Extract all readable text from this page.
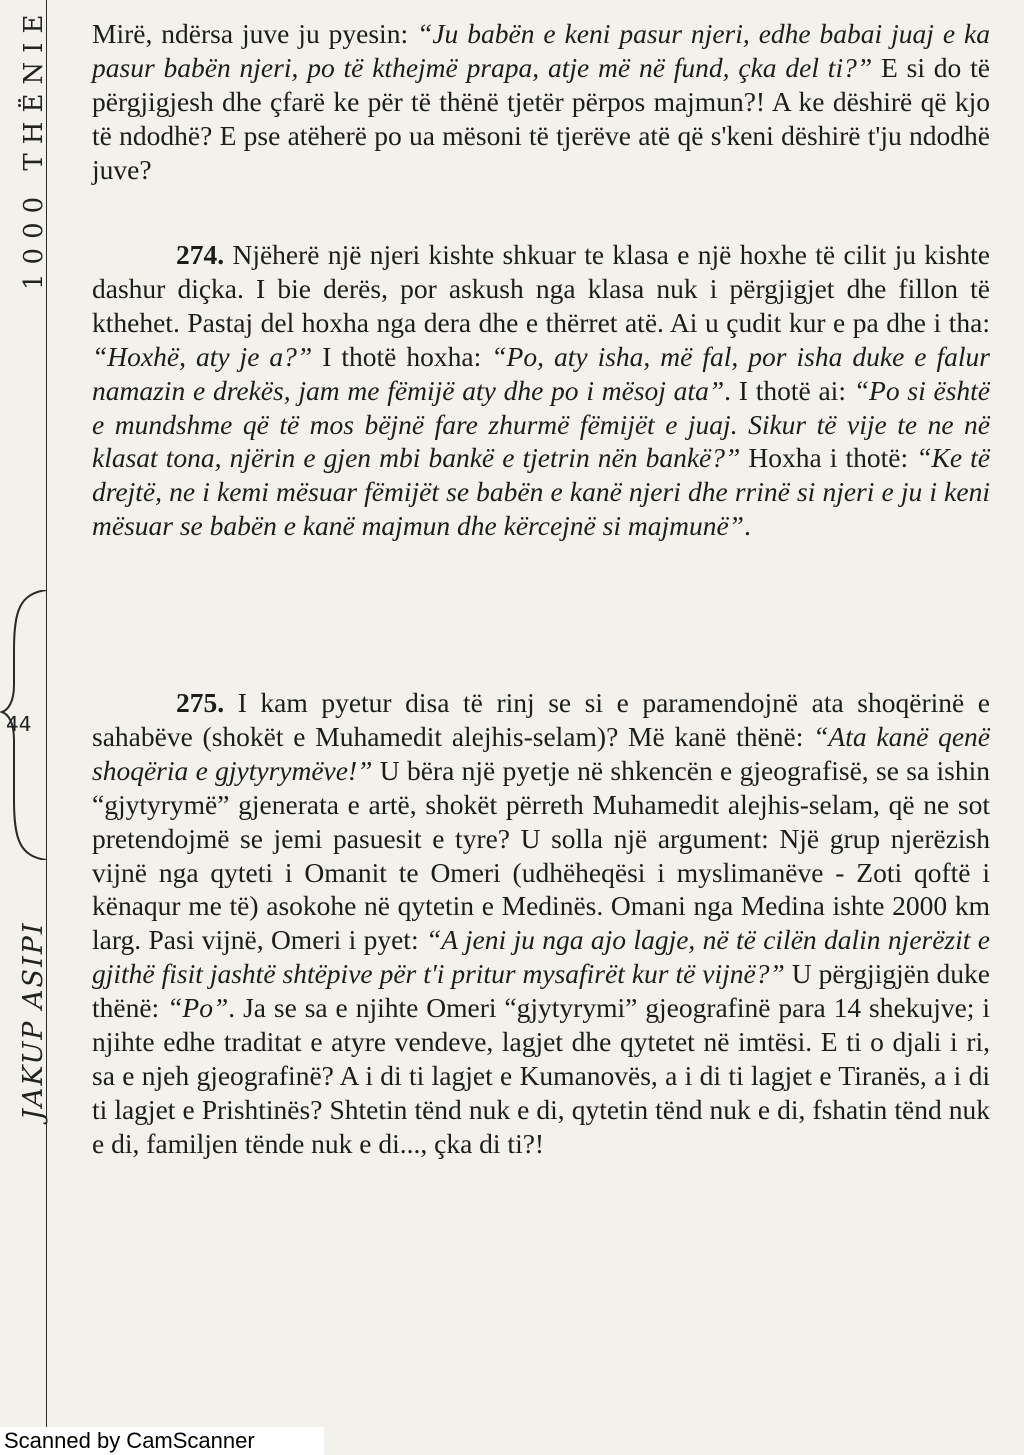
1000 THËNIE
44
JAKUP ASIPI

Mirë, ndërsa juve ju pyesin: “Ju babën e keni pasur njeri, edhe babai juaj e ka pasur babën njeri, po të kthejmë prapa, atje më në fund, çka del ti?” E si do të përgjigjesh dhe çfarë ke për të thënë tjetër përpos majmun?! A ke dëshirë që kjo të ndodhë? E pse atëherë po ua mësoni të tjerëve atë që s'keni dëshirë t'ju ndodhë juve?

274. Njëherë një njeri kishte shkuar te klasa e një hoxhe të cilit ju kishte dashur diçka. I bie derës, por askush nga klasa nuk i përgjigjet dhe fillon të kthehet. Pastaj del hoxha nga dera dhe e thërret atë. Ai u çudit kur e pa dhe i tha: “Hoxhë, aty je a?” I thotë hoxha: “Po, aty isha, më fal, por isha duke e falur namazin e drekës, jam me fëmijë aty dhe po i mësoj ata”. I thotë ai: “Po si është e mundshme që të mos bëjnë fare zhurmë fëmijët e juaj. Sikur të vije te ne në klasat tona, njërin e gjen mbi bankë e tjetrin nën bankë?” Hoxha i thotë: “Ke të drejtë, ne i kemi mësuar fëmijët se babën e kanë njeri dhe rrinë si njeri e ju i keni mësuar se babën e kanë majmun dhe kërcejnë si majmunë”.

275. I kam pyetur disa të rinj se si e paramendojnë ata shoqërinë e sahabëve (shokët e Muhamedit alejhis-selam)? Më kanë thënë: “Ata kanë qenë shoqëria e gjytyrymëve!” U bëra një pyetje në shkencën e gjeografisë, se sa ishin “gjytyrymë” gjenerata e artë, shokët përreth Muhamedit alejhis-selam, që ne sot pretendojmë se jemi pasuesit e tyre? U solla një argument: Një grup njerëzish vijnë nga qyteti i Omanit te Omeri (udhëheqësi i myslimanëve - Zoti qoftë i kënaqur me të) asokohe në qytetin e Medinës. Omani nga Medina ishte 2000 km larg. Pasi vijnë, Omeri i pyet: “A jeni ju nga ajo lagje, në të cilën dalin njerëzit e gjithë fisit jashtë shtëpive për t'i pritur mysafirët kur të vijnë?” U përgjigjën duke thënë: “Po”. Ja se sa e njihte Omeri “gjytyrymi” gjeografinë para 14 shekujve; i njihte edhe traditat e atyre vendeve, lagjet dhe qytetet në imtësi. E ti o djali i ri, sa e njeh gjeografinë? A i di ti lagjet e Kumanovës, a i di ti lagjet e Tiranës, a i di ti lagjet e Prishtinës? Shtetin tënd nuk e di, qytetin tënd nuk e di, fshatin tënd nuk e di, familjen tënde nuk e di..., çka di ti?!

Scanned by CamScanner
